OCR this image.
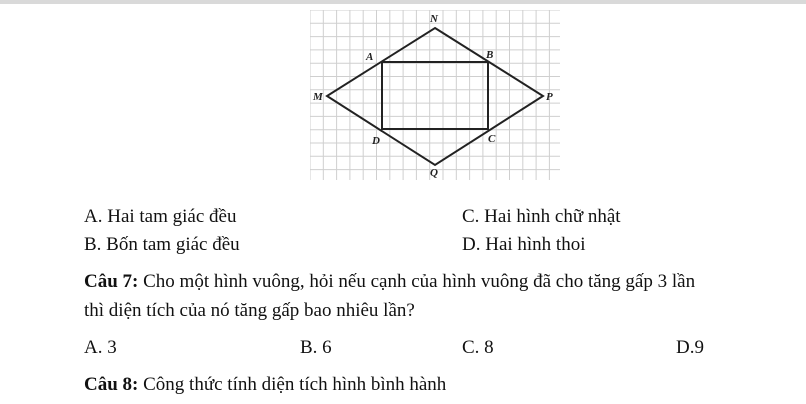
N
A	B
M	P
D	C
Q
A. Hai tam giác đều	C. Hai hình chữ nhật
B. Bốn tam giác đều	D. Hai hình thoi
Câu 7: Cho một hình vuông, hỏi nếu cạnh của hình vuông đã cho tăng gấp 3 lần
thì diện tích của nó tăng gấp bao nhiêu lần?
A. 3	B. 6	C. 8	D.9
Câu 8: Công thức tính diện tích hình bình hành
